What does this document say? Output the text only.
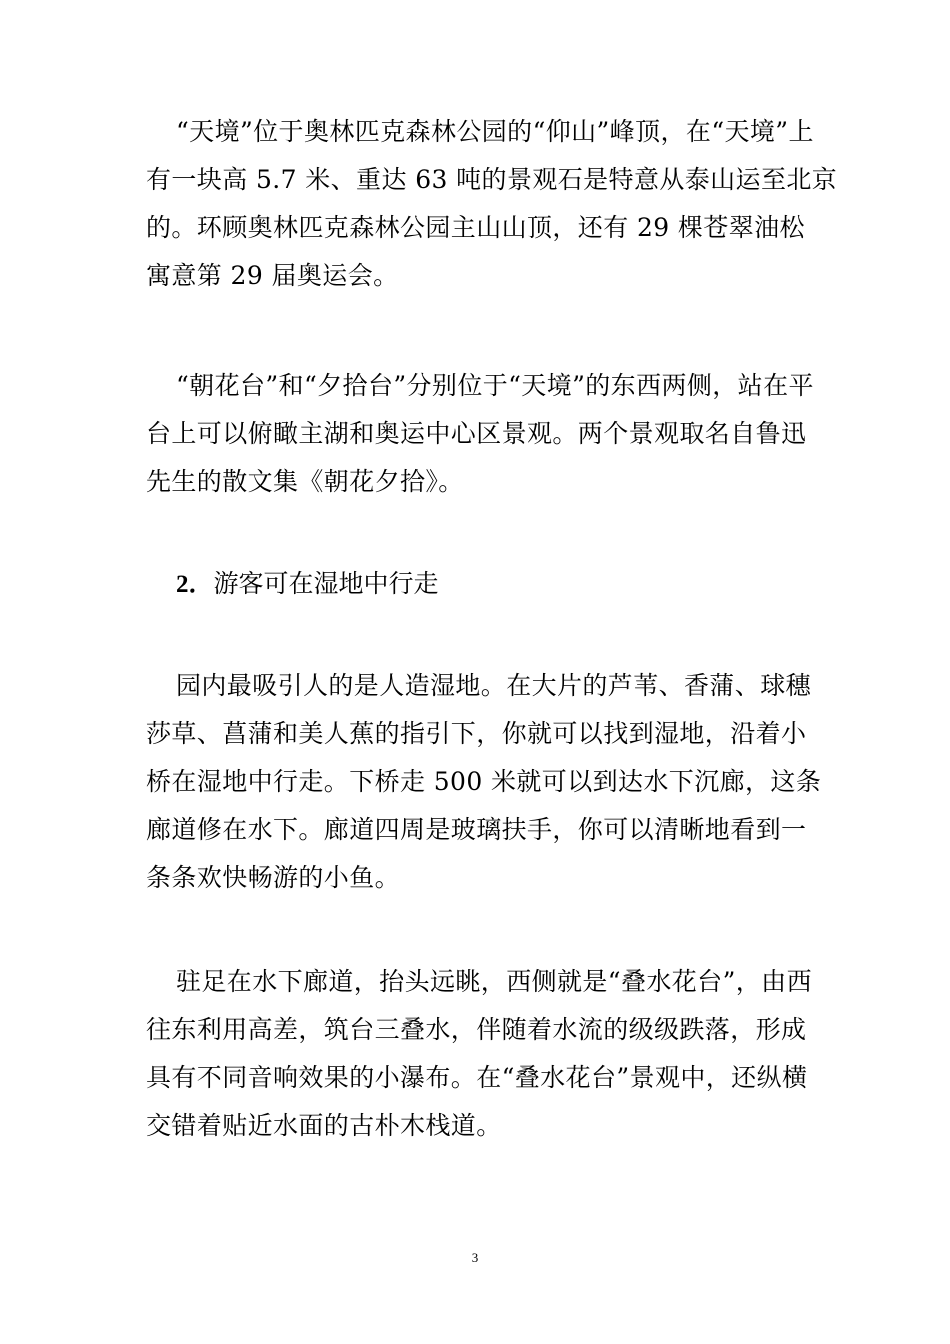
“天境”位于奥林匹克森林公园的“仰山”峰顶，在“天境”上
有一块高 5.7 米、重达 63 吨的景观石是特意从泰山运至北京
的。环顾奥林匹克森林公园主山山顶，还有 29 棵苍翠油松
寓意第 29 届奥运会。
“朝花台”和“夕拾台”分别位于“天境”的东西两侧，站在平
台上可以俯瞰主湖和奥运中心区景观。两个景观取名自鲁迅
先生的散文集《朝花夕拾》。
2．游客可在湿地中行走
园内最吸引人的是人造湿地。在大片的芦苇、香蒲、球穗
莎草、菖蒲和美人蕉的指引下，你就可以找到湿地，沿着小
桥在湿地中行走。下桥走 500 米就可以到达水下沉廊，这条
廊道修在水下。廊道四周是玻璃扶手，你可以清晰地看到一
条条欢快畅游的小鱼。
驻足在水下廊道，抬头远眺，西侧就是“叠水花台”，由西
往东利用高差，筑台三叠水，伴随着水流的级级跌落，形成
具有不同音响效果的小瀑布。在“叠水花台”景观中，还纵横
交错着贴近水面的古朴木栈道。
3
